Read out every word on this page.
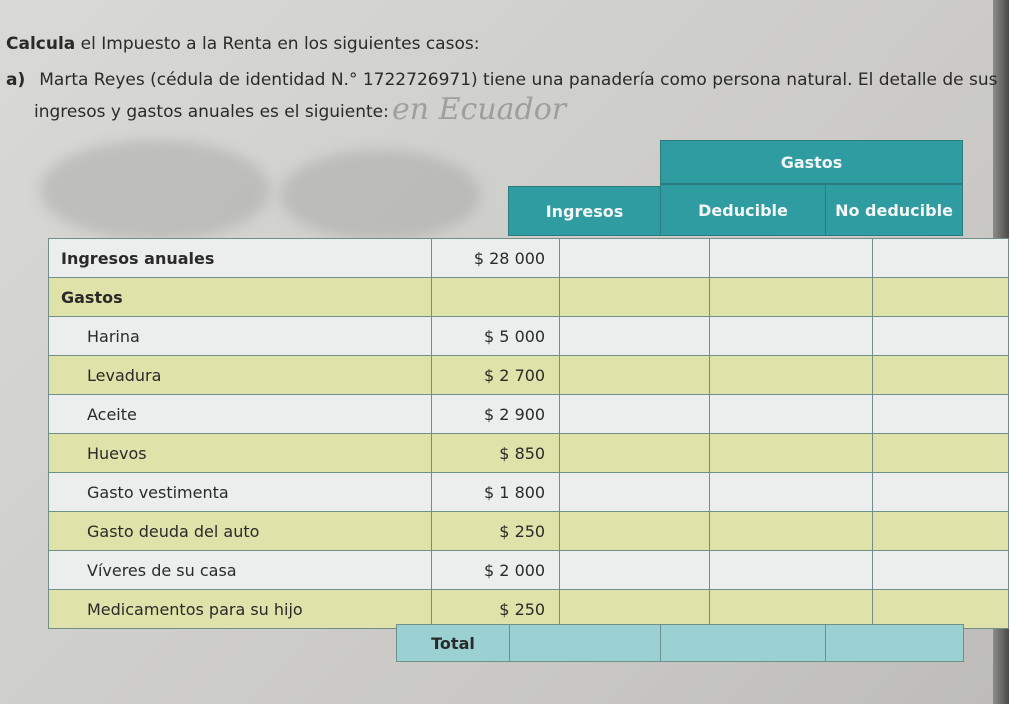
Calcula el Impuesto a la Renta en los siguientes casos:
a) Marta Reyes (cédula de identidad N.° 1722726971) tiene una panadería como persona natural. El detalle de sus
ingresos y gastos anuales es el siguiente: en Ecuador
Gastos
Ingresos	Deducible	No deducible
Ingresos anuales	$ 28 000			
Gastos				
Harina	$ 5 000			
Levadura	$ 2 700			
Aceite	$ 2 900			
Huevos	$ 850			
Gasto vestimenta	$ 1 800			
Gasto deuda del auto	$ 250			
Víveres de su casa	$ 2 000			
Medicamentos para su hijo	$ 250			
Total
